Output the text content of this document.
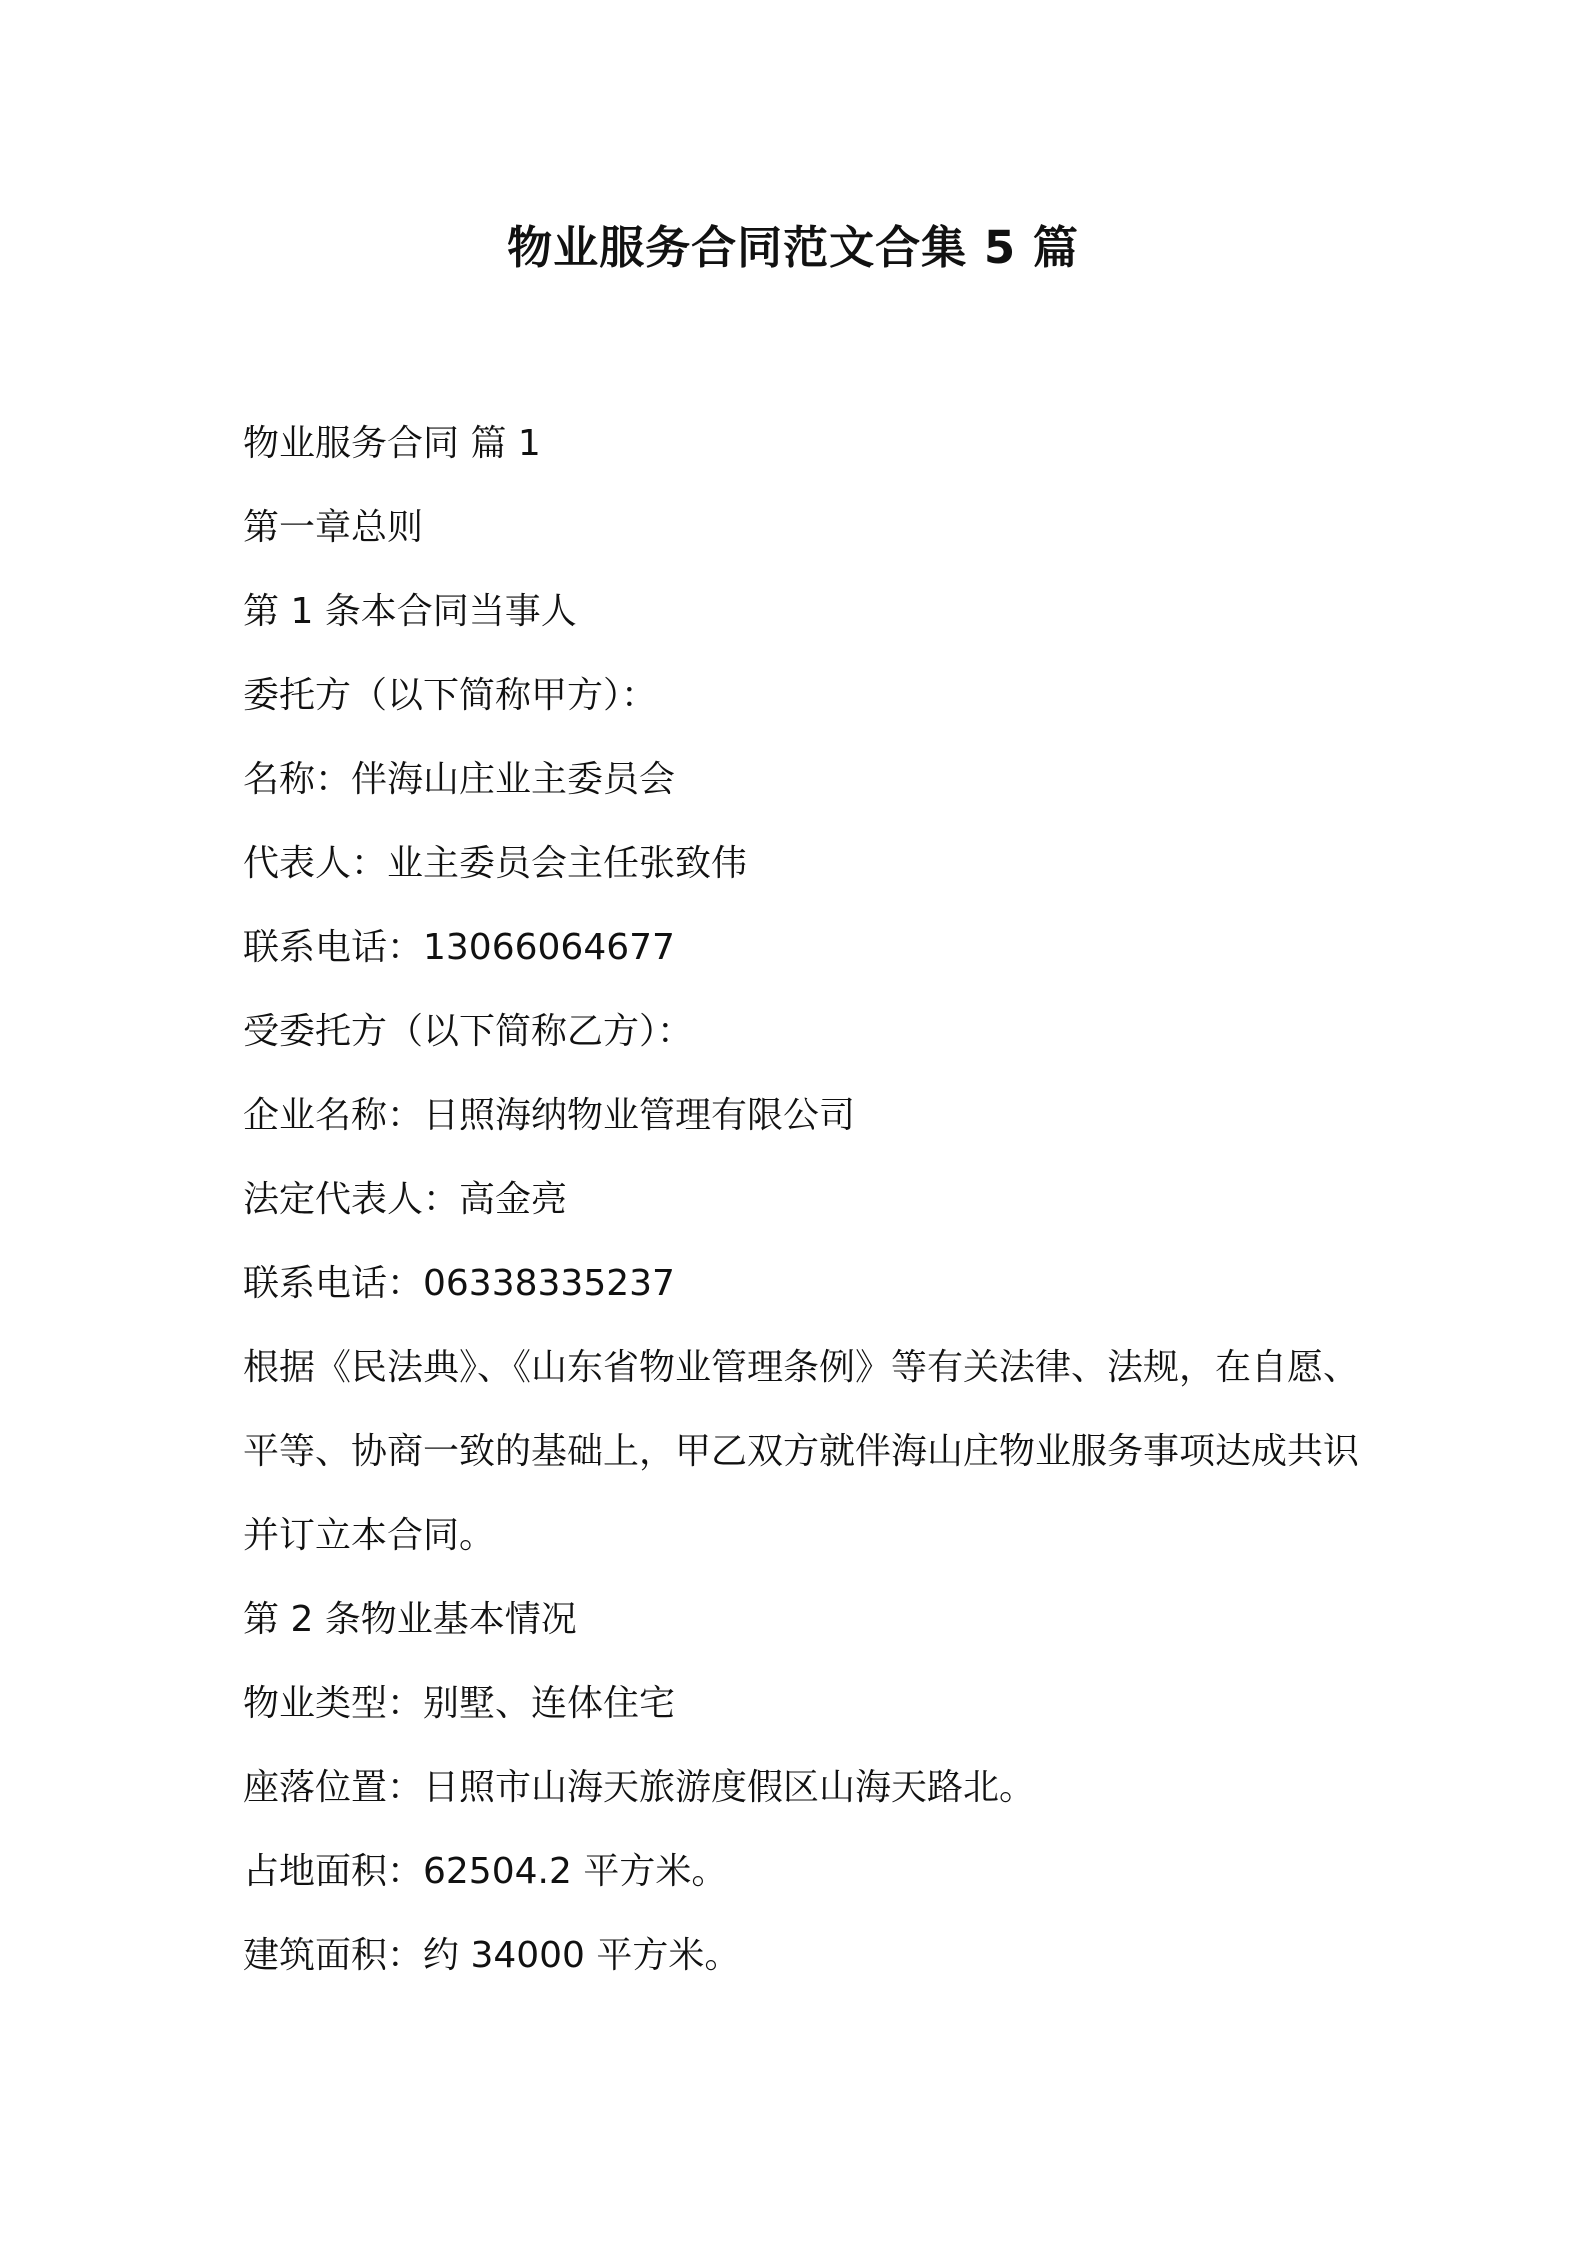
物业服务合同范文合集 5 篇
物业服务合同 篇 1
第一章总则
第 1 条本合同当事人
委托方（以下简称甲方）：
名称：伴海山庄业主委员会
代表人：业主委员会主任张致伟
联系电话：13066064677
受委托方（以下简称乙方）：
企业名称：日照海纳物业管理有限公司
法定代表人：高金亮
联系电话：06338335237
根据《民法典》、《山东省物业管理条例》等有关法律、法规，在自愿、平等、协商一致的基础上，甲乙双方就伴海山庄物业服务事项达成共识并订立本合同。
第 2 条物业基本情况
物业类型：别墅、连体住宅
座落位置：日照市山海天旅游度假区山海天路北。
占地面积：62504.2 平方米。
建筑面积：约 34000 平方米。
